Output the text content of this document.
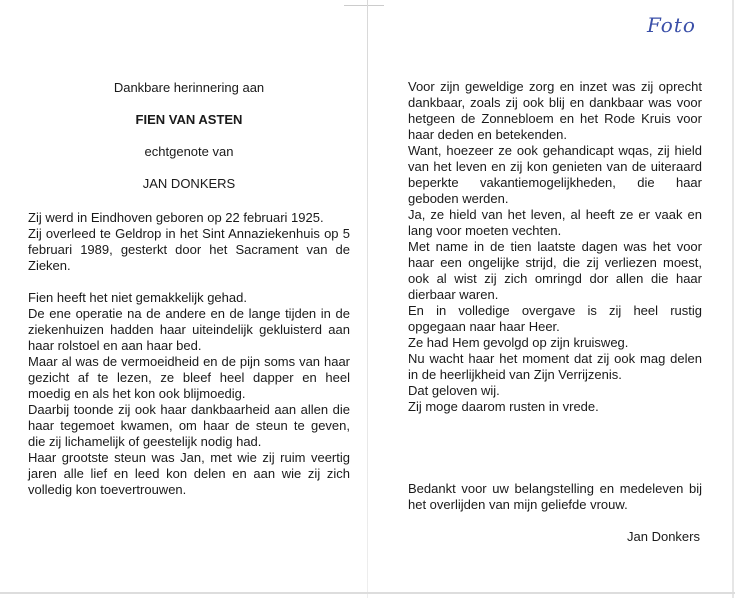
Foto

Dankbare herinnering aan

FIEN VAN ASTEN

echtgenote van

JAN DONKERS

Zij werd in Eindhoven geboren op 22 februari 1925.

Zij overleed te Geldrop in het Sint Annaziekenhuis op 5 februari 1989, gesterkt door het Sacrament van de Zieken.

Fien heeft het niet gemakkelijk gehad.

De ene operatie na de andere en de lange tijden in de ziekenhuizen hadden haar uiteindelijk gekluisterd aan haar rolstoel en aan haar bed.

Maar al was de vermoeidheid en de pijn soms van haar gezicht af te lezen, ze bleef heel dapper en heel moedig en als het kon ook blijmoedig.

Daarbij toonde zij ook haar dankbaarheid aan allen die haar tegemoet kwamen, om haar de steun te geven, die zij lichamelijk of geestelijk nodig had.

Haar grootste steun was Jan, met wie zij ruim veertig jaren alle lief en leed kon delen en aan wie zij zich volledig kon toevertrouwen.

Voor zijn geweldige zorg en inzet was zij oprecht dankbaar, zoals zij ook blij en dankbaar was voor hetgeen de Zonnebloem en het Rode Kruis voor haar deden en betekenden.

Want, hoezeer ze ook gehandicapt wqas, zij hield van het leven en zij kon genieten van de uiteraard beperkte vakantiemogelijkheden, die haar geboden werden.

Ja, ze hield van het leven, al heeft ze er vaak en lang voor moeten vechten.

Met name in de tien laatste dagen was het voor haar een ongelijke strijd, die zij verliezen moest, ook al wist zij zich omringd dor allen die haar dierbaar waren.

En in volledige overgave is zij heel rustig opgegaan naar haar Heer.

Ze had Hem gevolgd op zijn kruisweg.

Nu wacht haar het moment dat zij ook mag delen in de heerlijkheid van Zijn Verrijzenis.

Dat geloven wij.

Zij moge daarom rusten in vrede.

Bedankt voor uw belangstelling en medeleven bij het overlijden van mijn geliefde vrouw.

Jan Donkers
